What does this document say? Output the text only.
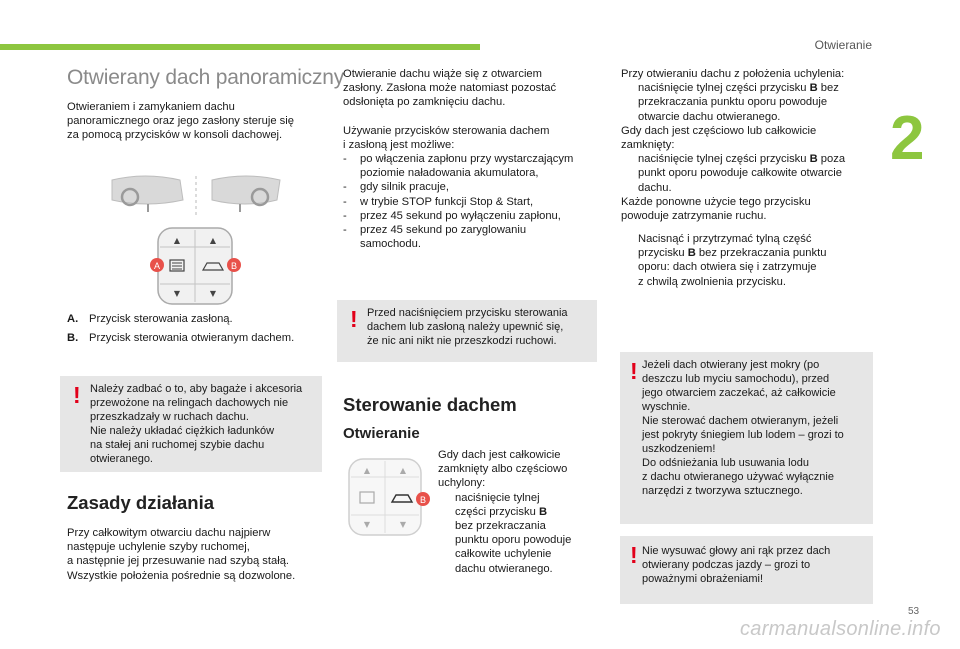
Otwieranie
2
Otwierany dach panoramiczny
Otwieraniem i zamykaniem dachu
panoramicznego oraz jego zasłony steruje się
za pomocą przycisków w konsoli dachowej.
▲	▲
▼	▼
A	B
A. Przycisk sterowania zasłoną.
B. Przycisk sterowania otwieranym dachem.
! Należy zadbać o to, aby bagaże i akcesoria
przewożone na relingach dachowych nie
przeszkadzały w ruchach dachu.
Nie należy układać ciężkich ładunków
na stałej ani ruchomej szybie dachu
otwieranego.
Zasady działania
Przy całkowitym otwarciu dachu najpierw
następuje uchylenie szyby ruchomej,
a następnie jej przesuwanie nad szybą stałą.
Wszystkie położenia pośrednie są dozwolone.
Otwieranie dachu wiąże się z otwarciem
zasłony. Zasłona może natomiast pozostać
odsłonięta po zamknięciu dachu.
Używanie przycisków sterowania dachem
i zasłoną jest możliwe:
- po włączenia zapłonu przy wystarczającym
poziomie naładowania akumulatora,
- gdy silnik pracuje,
- w trybie STOP funkcji Stop & Start,
- przez 45 sekund po wyłączeniu zapłonu,
- przez 45 sekund po zaryglowaniu
samochodu.
! Przed naciśnięciem przycisku sterowania
dachem lub zasłoną należy upewnić się,
że nic ani nikt nie przeszkodzi ruchowi.
Sterowanie dachem
Otwieranie
▲	▲
▼	▼
B
Gdy dach jest całkowicie
zamknięty albo częściowo
uchylony:
naciśnięcie tylnej
części przycisku B
bez przekraczania
punktu oporu powoduje
całkowite uchylenie
dachu otwieranego.
Przy otwieraniu dachu z położenia uchylenia:
naciśnięcie tylnej części przycisku B bez
przekraczania punktu oporu powoduje
otwarcie dachu otwieranego.
Gdy dach jest częściowo lub całkowicie
zamknięty:
naciśnięcie tylnej części przycisku B poza
punkt oporu powoduje całkowite otwarcie
dachu.
Każde ponowne użycie tego przycisku
powoduje zatrzymanie ruchu.
Nacisnąć i przytrzymać tylną część
przycisku B bez przekraczania punktu
oporu: dach otwiera się i zatrzymuje
z chwilą zwolnienia przycisku.
! Jeżeli dach otwierany jest mokry (po
deszczu lub myciu samochodu), przed
jego otwarciem zaczekać, aż całkowicie
wyschnie.
Nie sterować dachem otwieranym, jeżeli
jest pokryty śniegiem lub lodem – grozi to
uszkodzeniem!
Do odśnieżania lub usuwania lodu
z dachu otwieranego używać wyłącznie
narzędzi z tworzywa sztucznego.
! Nie wysuwać głowy ani rąk przez dach
otwierany podczas jazdy – grozi to
poważnymi obrażeniami!
53
carmanualsonline.info
